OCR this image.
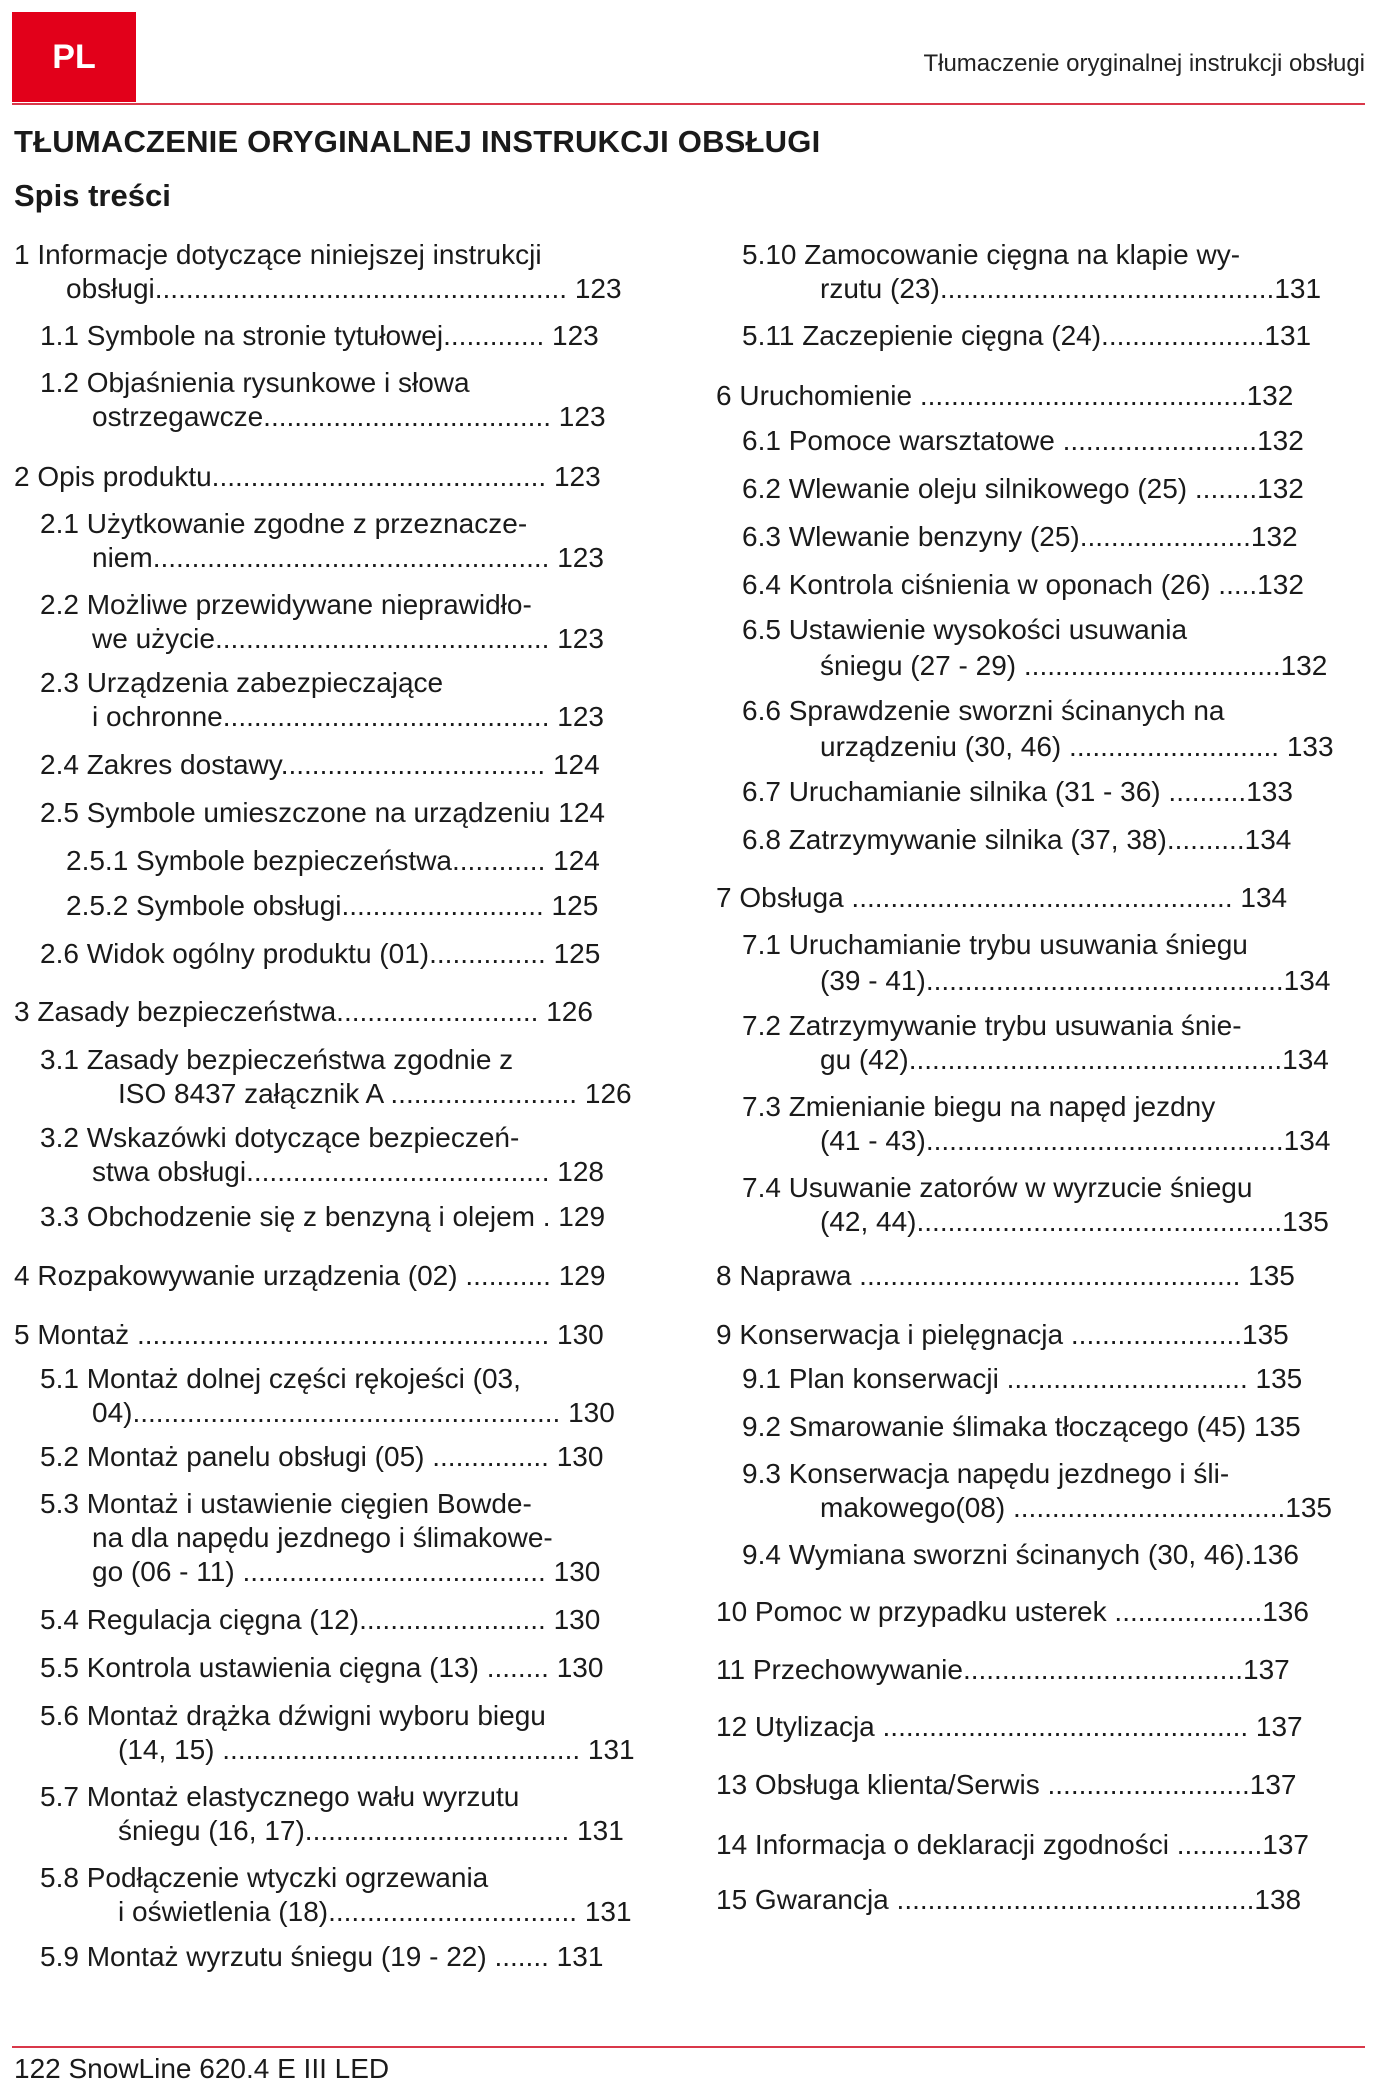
PL	Tłumaczenie oryginalnej instrukcji obsługi
TŁUMACZENIE ORYGINALNEJ INSTRUKCJI OBSŁUGI
Spis treści
1 Informacje dotyczące niniejszej instrukcji
obsługi..................................................... 123
1.1 Symbole na stronie tytułowej............. 123
1.2 Objaśnienia rysunkowe i słowa
ostrzegawcze..................................... 123
2 Opis produktu........................................... 123
2.1 Użytkowanie zgodne z przeznacze-
niem................................................... 123
2.2 Możliwe przewidywane nieprawidło-
we użycie........................................... 123
2.3 Urządzenia zabezpieczające
i ochronne.......................................... 123
2.4 Zakres dostawy.................................. 124
2.5 Symbole umieszczone na urządzeniu 124
2.5.1 Symbole bezpieczeństwa............ 124
2.5.2 Symbole obsługi.......................... 125
2.6 Widok ogólny produktu (01)............... 125
3 Zasady bezpieczeństwa.......................... 126
3.1 Zasady bezpieczeństwa zgodnie z
ISO 8437 załącznik A ........................ 126
3.2 Wskazówki dotyczące bezpieczeń-
stwa obsługi....................................... 128
3.3 Obchodzenie się z benzyną i olejem . 129
4 Rozpakowywanie urządzenia (02) ........... 129
5 Montaż ..................................................... 130
5.1 Montaż dolnej części rękojeści (03,
04)....................................................... 130
5.2 Montaż panelu obsługi (05) ............... 130
5.3 Montaż i ustawienie cięgien Bowde-
na dla napędu jezdnego i ślimakowe-
go (06 - 11) ....................................... 130
5.4 Regulacja cięgna (12)........................ 130
5.5 Kontrola ustawienia cięgna (13) ........ 130
5.6 Montaż drążka dźwigni wyboru biegu
(14, 15) .............................................. 131
5.7 Montaż elastycznego wału wyrzutu
śniegu (16, 17).................................. 131
5.8 Podłączenie wtyczki ogrzewania
i oświetlenia (18)................................ 131
5.9 Montaż wyrzutu śniegu (19 - 22) ....... 131
5.10 Zamocowanie cięgna na klapie wy-
rzutu (23)...........................................131
5.11 Zaczepienie cięgna (24).....................131
6 Uruchomienie ..........................................132
6.1 Pomoce warsztatowe .........................132
6.2 Wlewanie oleju silnikowego (25) ........132
6.3 Wlewanie benzyny (25)......................132
6.4 Kontrola ciśnienia w oponach (26) .....132
6.5 Ustawienie wysokości usuwania
śniegu (27 - 29) .................................132
6.6 Sprawdzenie sworzni ścinanych na
urządzeniu (30, 46) ........................... 133
6.7 Uruchamianie silnika (31 - 36) ..........133
6.8 Zatrzymywanie silnika (37, 38)..........134
7 Obsługa ................................................. 134
7.1 Uruchamianie trybu usuwania śniegu
(39 - 41)..............................................134
7.2 Zatrzymywanie trybu usuwania śnie-
gu (42)................................................134
7.3 Zmienianie biegu na napęd jezdny
(41 - 43)..............................................134
7.4 Usuwanie zatorów w wyrzucie śniegu
(42, 44)...............................................135
8 Naprawa ................................................. 135
9 Konserwacja i pielęgnacja ......................135
9.1 Plan konserwacji ............................... 135
9.2 Smarowanie ślimaka tłoczącego (45) 135
9.3 Konserwacja napędu jezdnego i śli-
makowego(08) ...................................135
9.4 Wymiana sworzni ścinanych (30, 46).136
10 Pomoc w przypadku usterek ...................136
11 Przechowywanie....................................137
12 Utylizacja ............................................... 137
13 Obsługa klienta/Serwis ..........................137
14 Informacja o deklaracji zgodności ...........137
15 Gwarancja ..............................................138
122 SnowLine 620.4 E III LED
